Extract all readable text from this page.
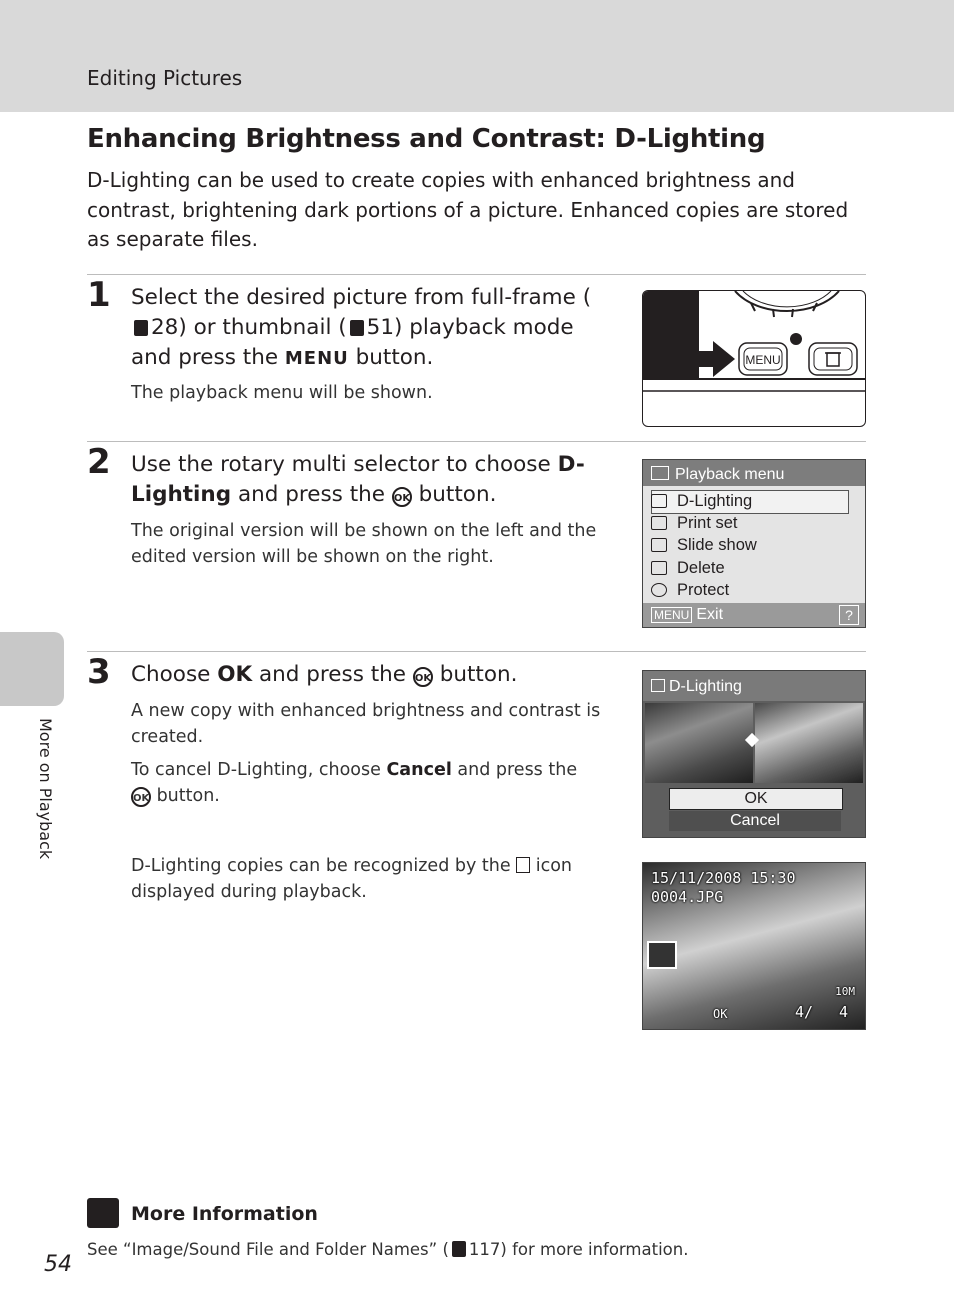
Editing Pictures
Enhancing Brightness and Contrast: D-Lighting
D-Lighting can be used to create copies with enhanced brightness and contrast, brightening dark portions of a picture. Enhanced copies are stored as separate files.
1 Select the desired picture from full-frame (28) or thumbnail ( 51) playback mode and press the MENU button.
The playback menu will be shown.
MENU
2 Use the rotary multi selector to choose D-Lighting and press the OK button.
The original version will be shown on the left and the edited version will be shown on the right.
Playback menu
D-Lighting
Print set
Slide show
Delete
Protect
MENU Exit	?
3 Choose OK and press the OK button.
A new copy with enhanced brightness and contrast is created.
To cancel D-Lighting, choose Cancel and press the OK button.
D-Lighting copies can be recognized by the  icon displayed during playback.
D-Lighting
OK
Cancel
15/11/2008 15:30
0004.JPG
10M
OK	4/ 4
More on Playback
More Information
See “Image/Sound File and Folder Names” ( 117) for more information.
54
